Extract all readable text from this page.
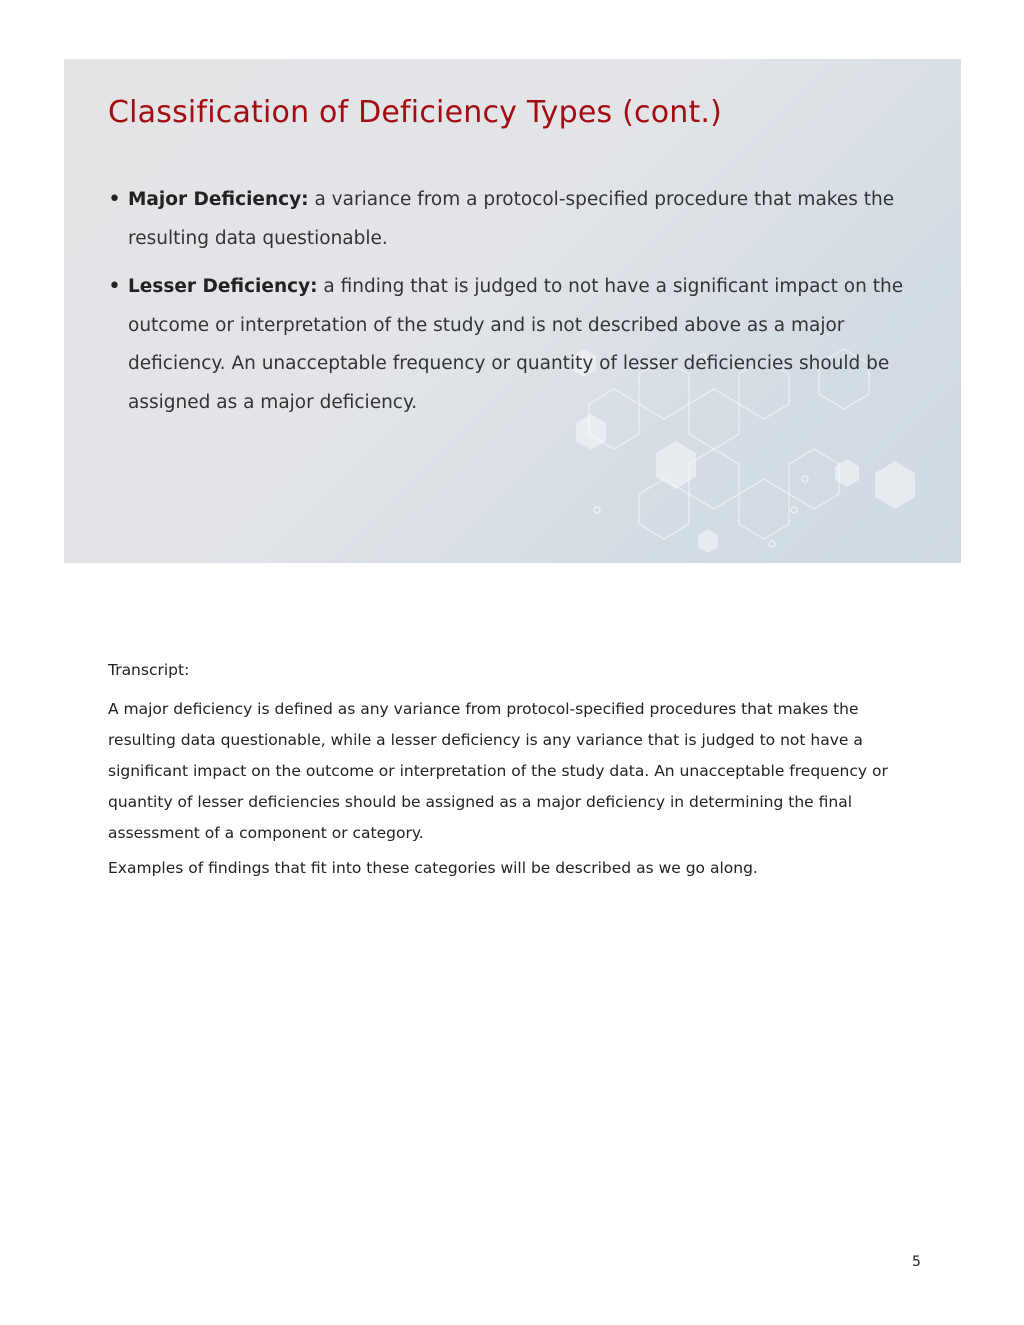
Classification of Deficiency Types (cont.)
• Major Deficiency: a variance from a protocol-specified procedure that makes the resulting data questionable.
• Lesser Deficiency: a finding that is judged to not have a significant impact on the outcome or interpretation of the study and is not described above as a major deficiency. An unacceptable frequency or quantity of lesser deficiencies should be assigned as a major deficiency.

Transcript:

A major deficiency is defined as any variance from protocol-specified procedures that makes the resulting data questionable, while a lesser deficiency is any variance that is judged to not have a significant impact on the outcome or interpretation of the study data. An unacceptable frequency or quantity of lesser deficiencies should be assigned as a major deficiency in determining the final assessment of a component or category.

Examples of findings that fit into these categories will be described as we go along.

5
